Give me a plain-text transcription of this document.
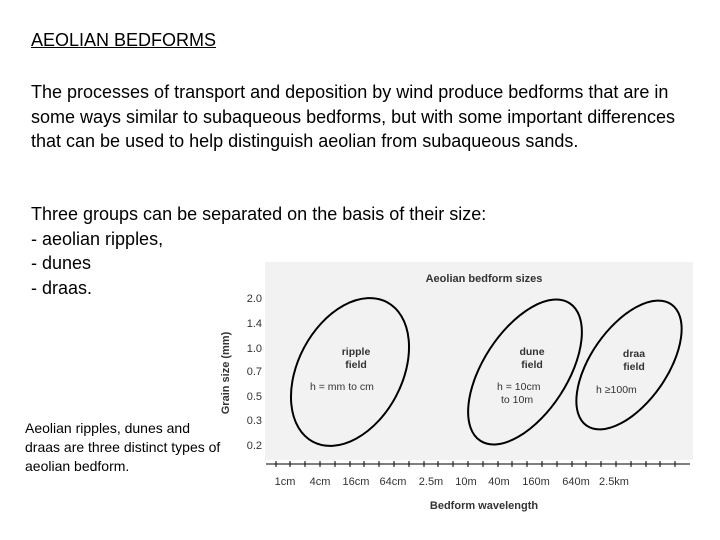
AEOLIAN BEDFORMS
The processes of transport and deposition by wind produce bedforms that are in some ways similar to subaqueous bedforms, but with some important differences that can be used to help distinguish aeolian from subaqueous sands.
Three groups can be separated on the basis of their size:
- aeolian ripples,
- dunes
- draas.
Aeolian ripples, dunes and draas are three distinct types of aeolian bedform.
Aeolian bedform sizes
Grain size (mm)
2.0
1.4
1.0
0.7
0.5
0.3
0.2
1cm 4cm 16cm 64cm 2.5m 10m 40m 160m 640m 2.5km
Bedform wavelength
ripple
field
dune
field
draa
field
h = mm to cm	h = 10cm
to 10m
h ≥100m
